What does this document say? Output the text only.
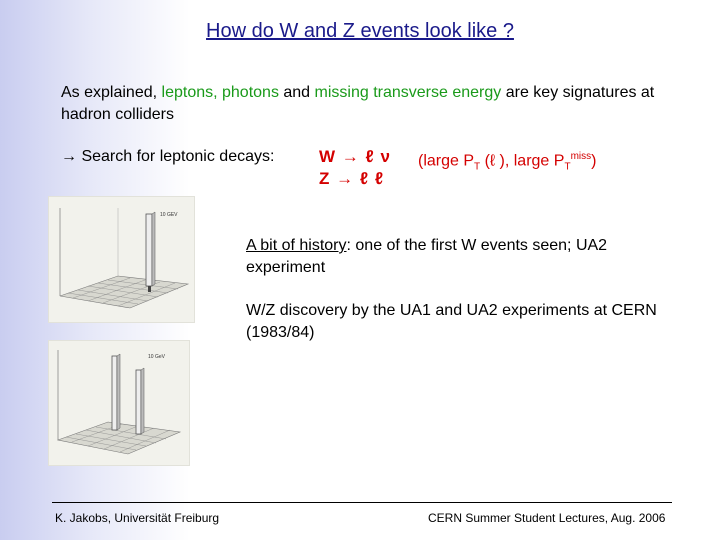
How do W and Z events look like ?
As explained, leptons, photons and missing transverse energy are key signatures at hadron colliders
→ Search for leptonic decays:	W → ℓ ν
Z → ℓ ℓ
(large $P_T$ (ℓ ), large $P_T^{miss}$)
10 GEV
10 GeV
A bit of history: one of the first W events seen; UA2 experiment
W/Z discovery by the UA1 and UA2 experiments at CERN (1983/84)
K. Jakobs, Universität Freiburg	CERN Summer Student Lectures, Aug. 2006
